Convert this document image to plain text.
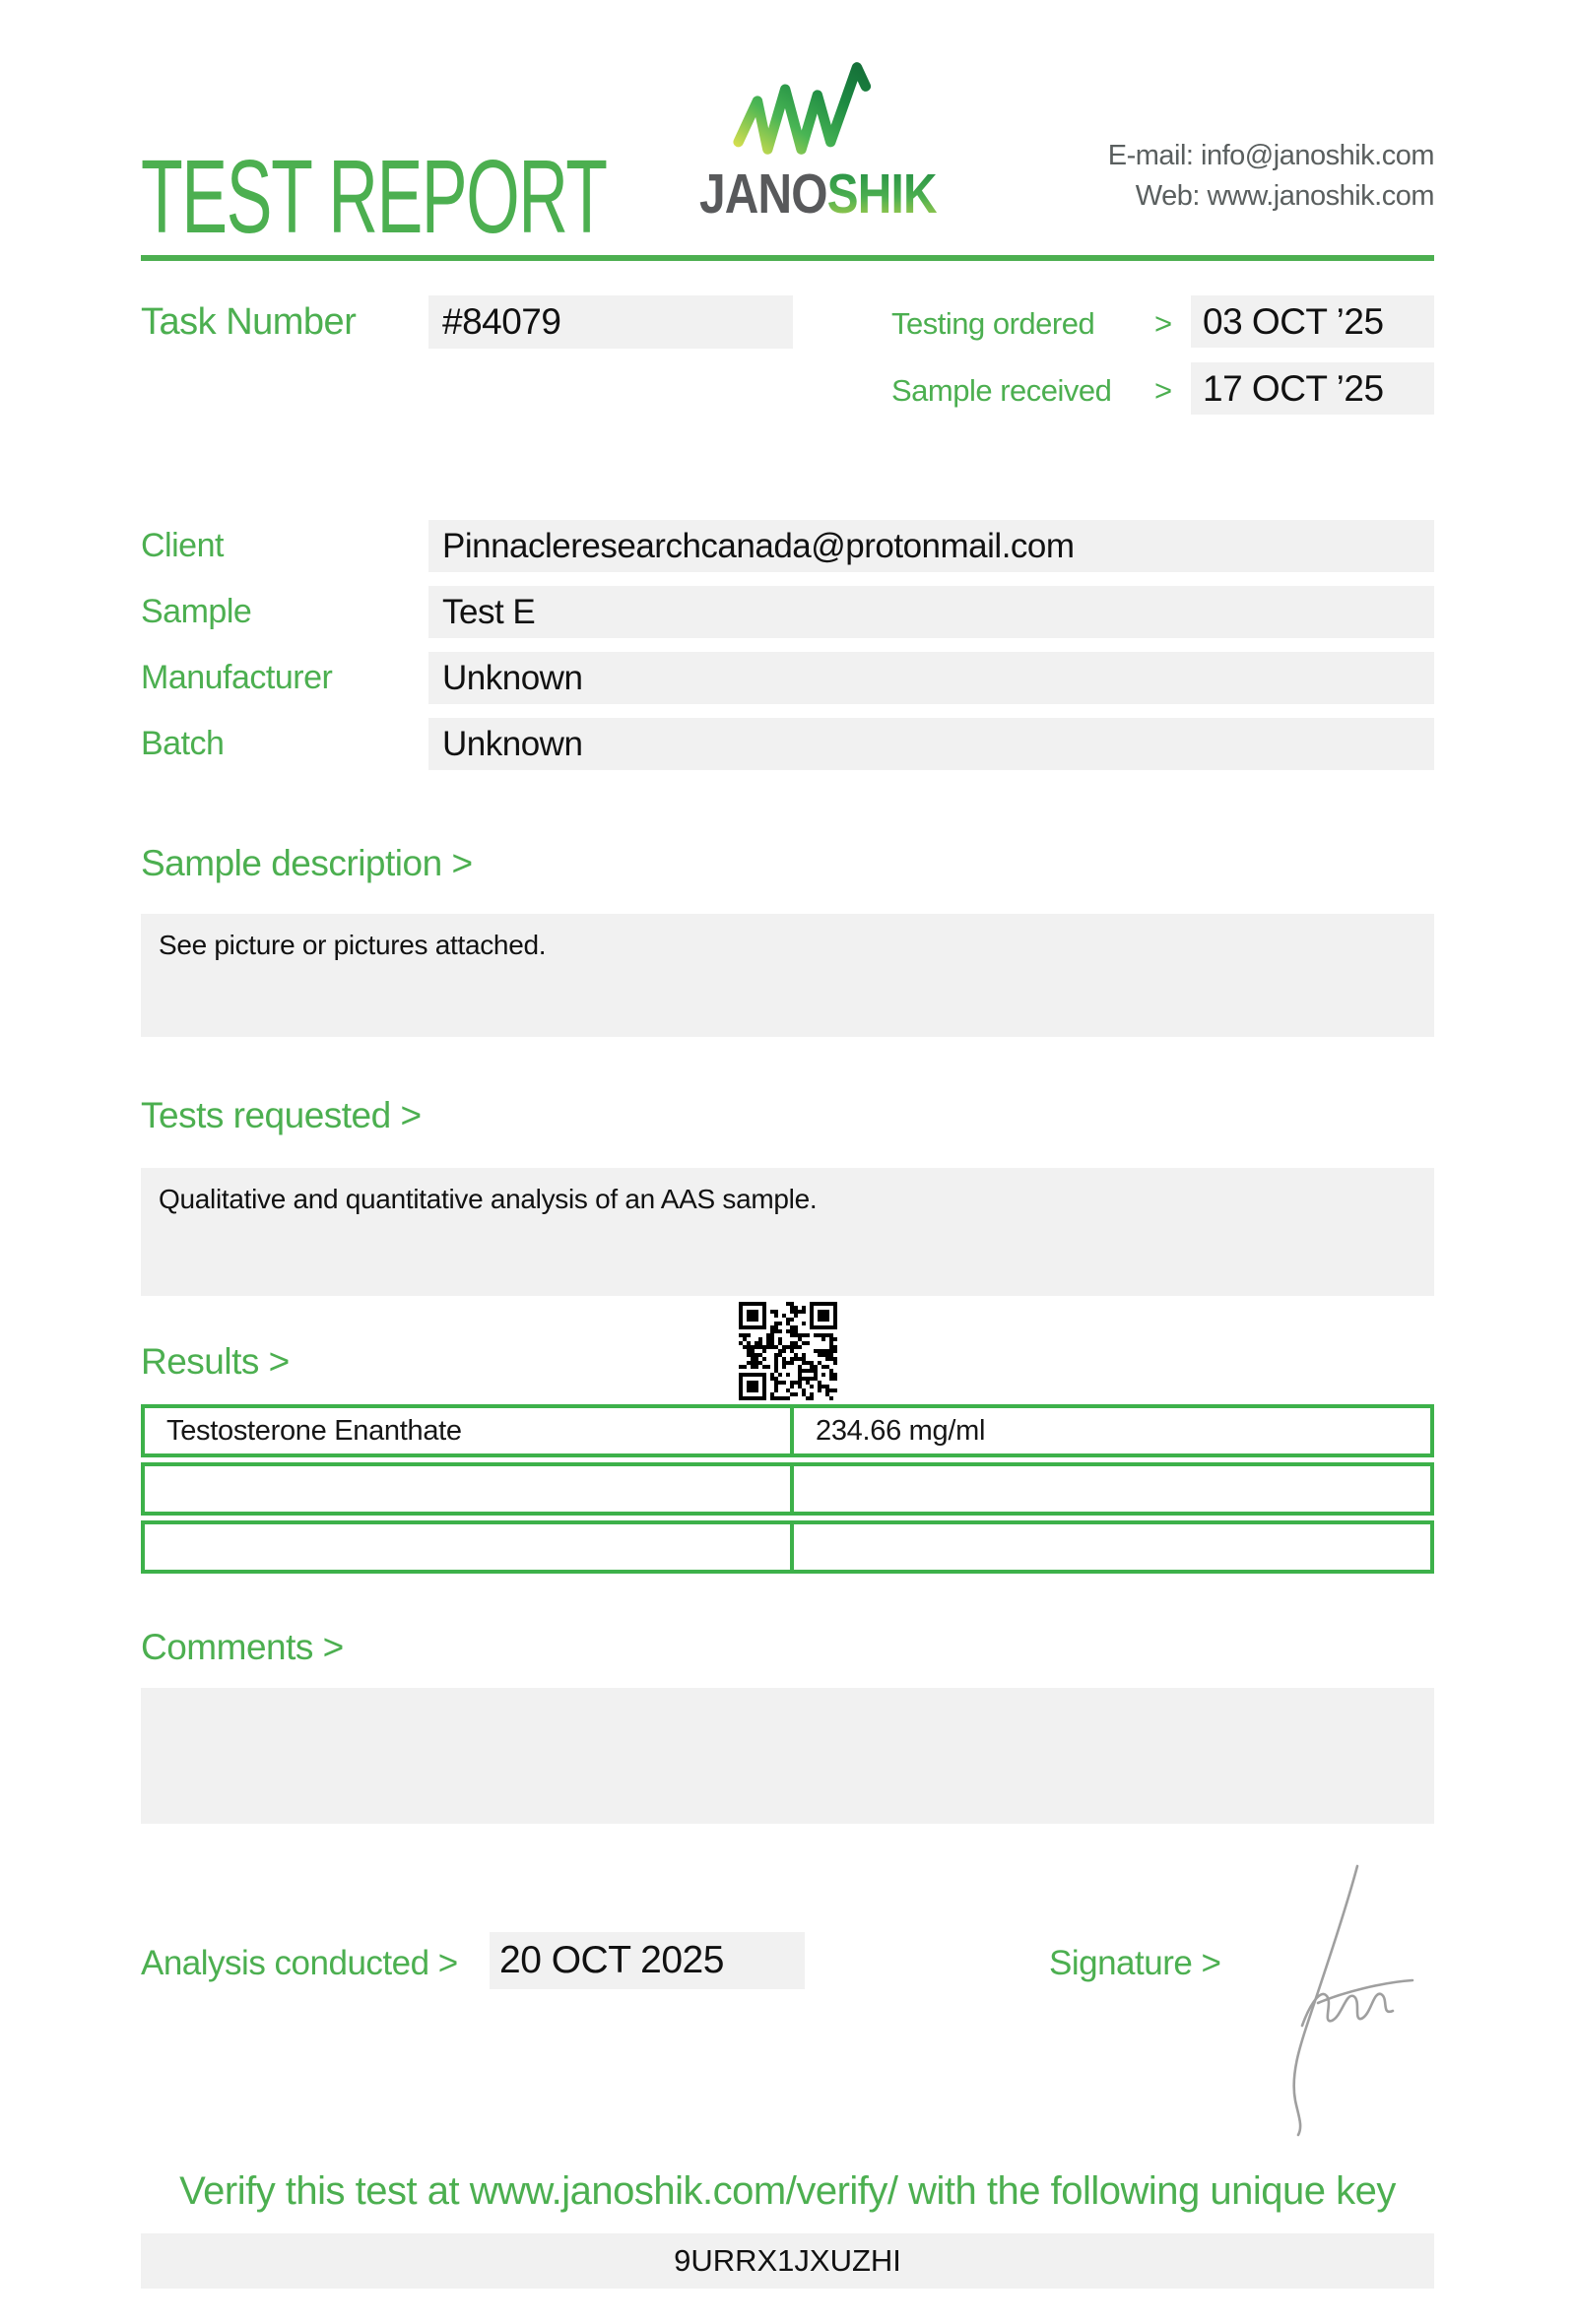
TEST REPORT JANOSHIK
E-mail: info@janoshik.com
Web: www.janoshik.com
Task Number	#84079	Testing ordered > 03 OCT ’25
Sample received > 17 OCT ’25
Client	Pinnacleresearchcanada@protonmail.com
Sample	Test E
Manufacturer	Unknown
Batch	Unknown
Sample description >
See picture or pictures attached.
Tests requested >
Qualitative and quantitative analysis of an AAS sample.
Results >
Testosterone Enanthate	234.66 mg/ml
Comments >
Analysis conducted > 20 OCT 2025	Signature >
Verify this test at www.janoshik.com/verify/ with the following unique key
9URRX1JXUZHI
